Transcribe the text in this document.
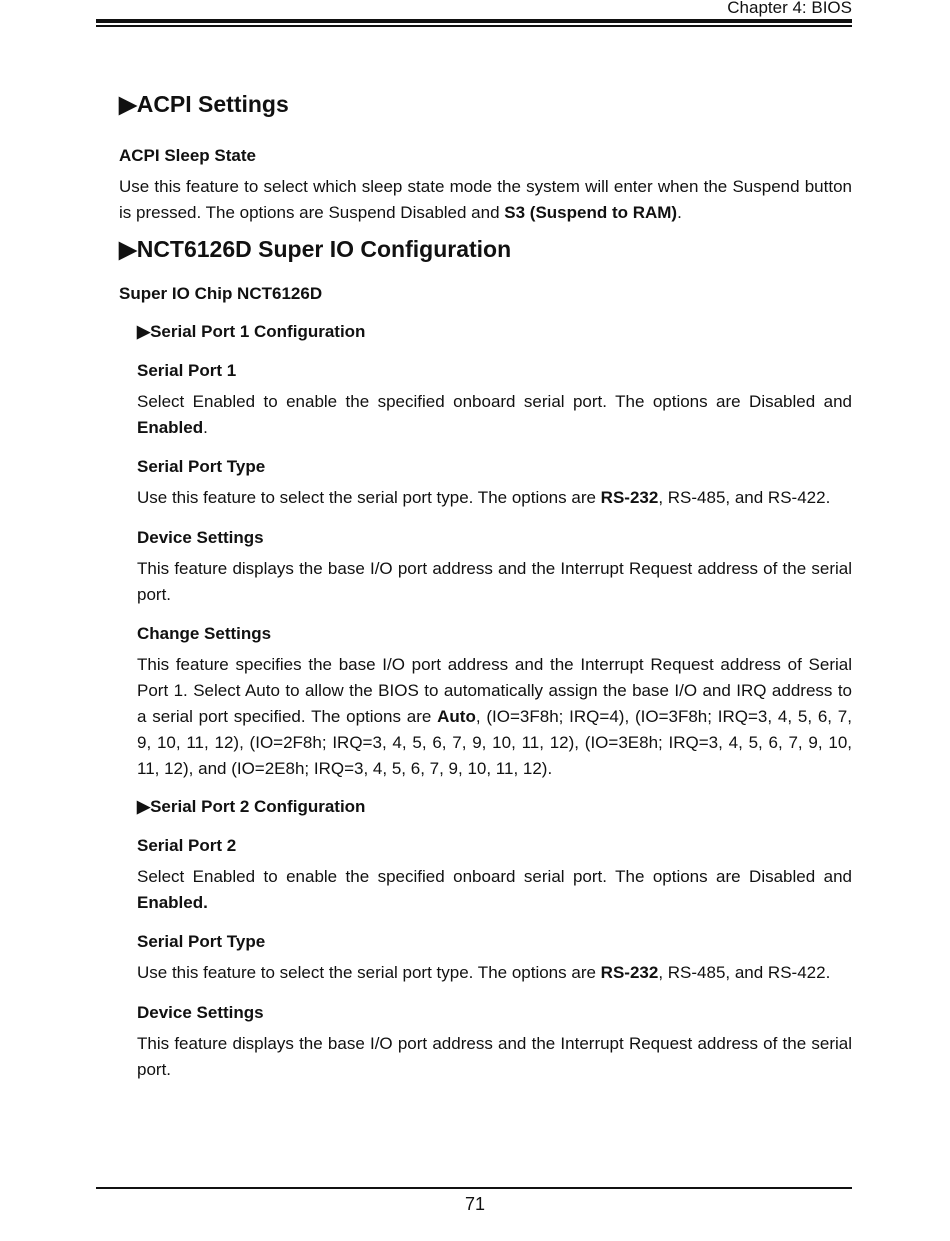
Chapter 4: BIOS
▶ACPI Settings
ACPI Sleep State

Use this feature to select which sleep state mode the system will enter when the Suspend button is pressed. The options are Suspend Disabled and S3 (Suspend to RAM).

▶NCT6126D Super IO Configuration
Super IO Chip NCT6126D
▶Serial Port 1 Configuration
Serial Port 1

Select Enabled to enable the specified onboard serial port. The options are Disabled and Enabled.

Serial Port Type

Use this feature to select the serial port type. The options are RS-232, RS-485, and RS-422.

Device Settings

This feature displays the base I/O port address and the Interrupt Request address of the serial port.

Change Settings

This feature specifies the base I/O port address and the Interrupt Request address of Serial Port 1. Select Auto to allow the BIOS to automatically assign the base I/O and IRQ address to a serial port specified. The options are Auto, (IO=3F8h; IRQ=4), (IO=3F8h; IRQ=3, 4, 5, 6, 7, 9, 10, 11, 12), (IO=2F8h; IRQ=3, 4, 5, 6, 7, 9, 10, 11, 12), (IO=3E8h; IRQ=3, 4, 5, 6, 7, 9, 10, 11, 12), and (IO=2E8h; IRQ=3, 4, 5, 6, 7, 9, 10, 11, 12).

▶Serial Port 2 Configuration
Serial Port 2

Select Enabled to enable the specified onboard serial port. The options are Disabled and Enabled.

Serial Port Type

Use this feature to select the serial port type. The options are RS-232, RS-485, and RS-422.

Device Settings

This feature displays the base I/O port address and the Interrupt Request address of the serial port.

71
